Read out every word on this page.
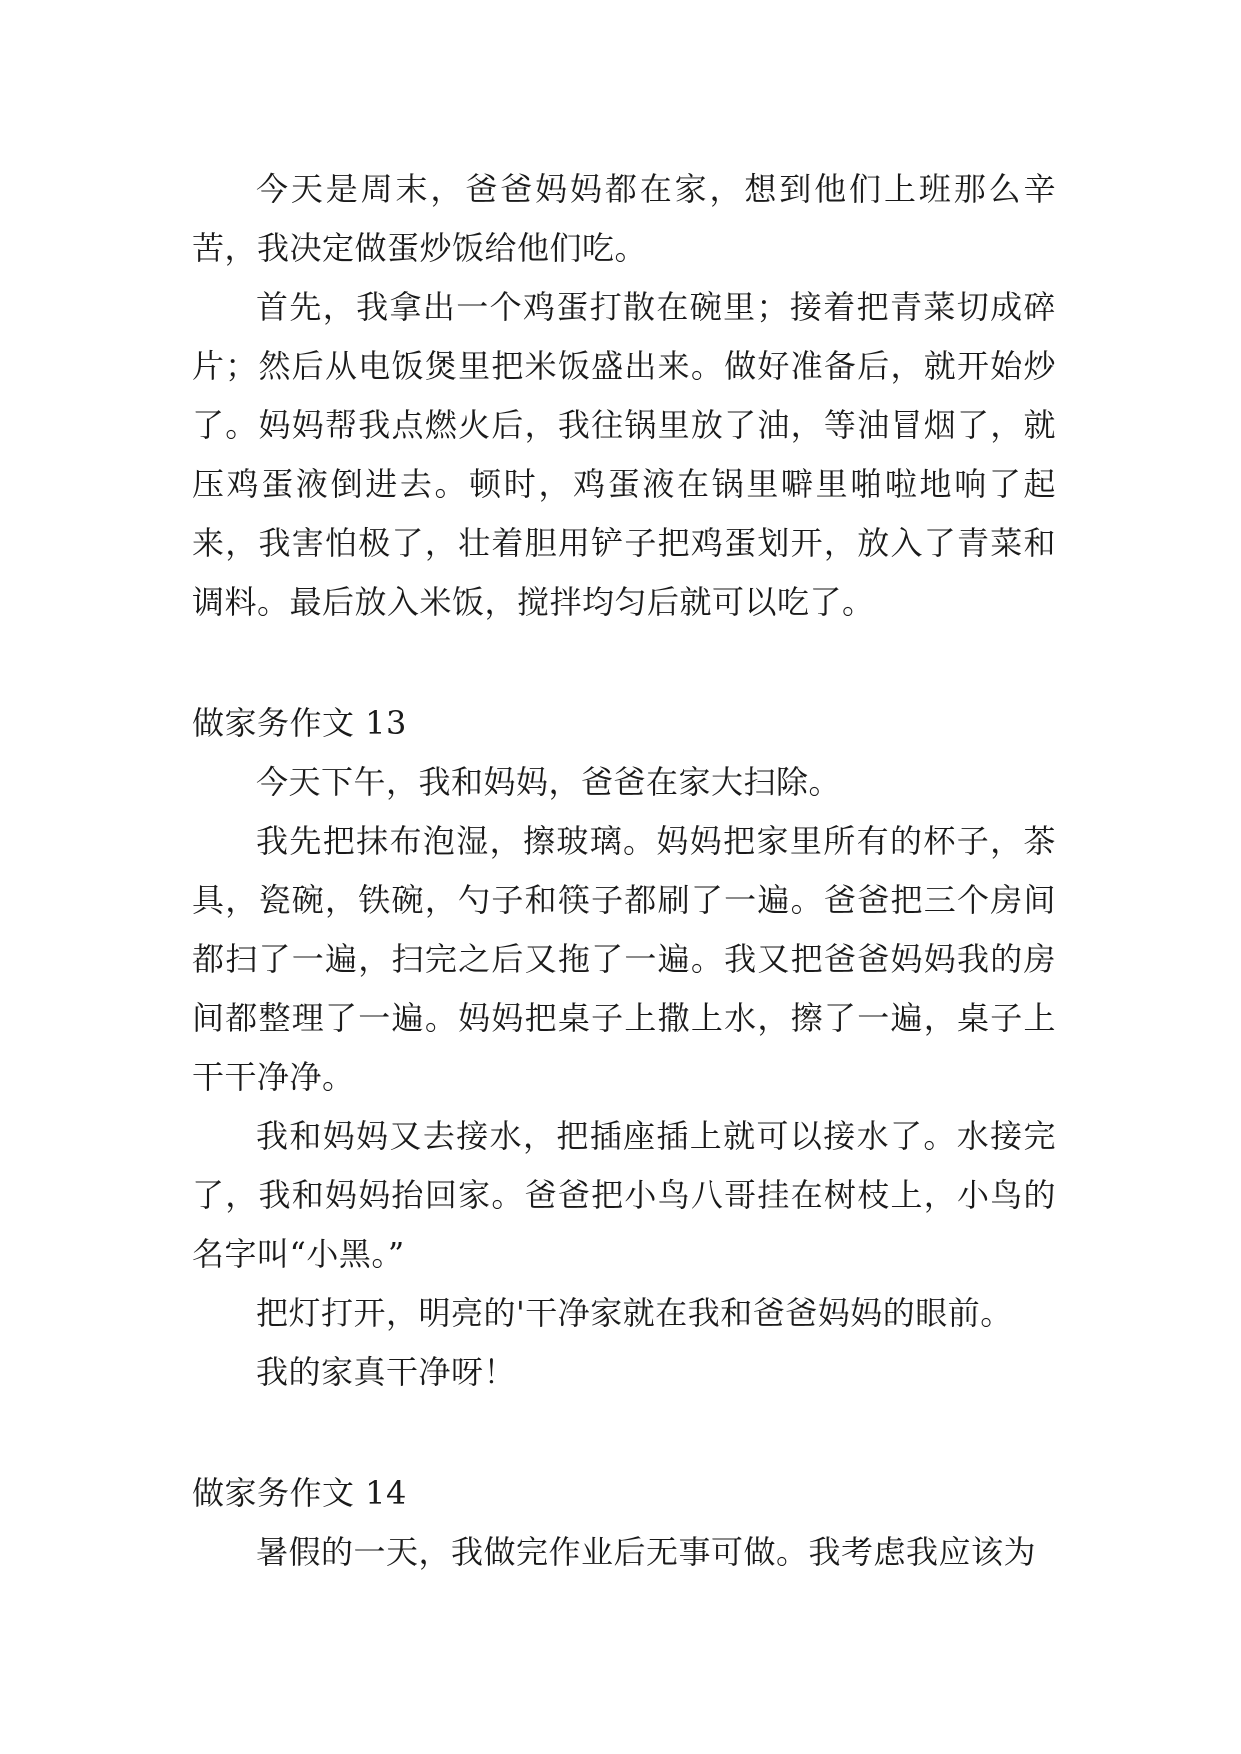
今天是周末，爸爸妈妈都在家，想到他们上班那么辛苦，我决定做蛋炒饭给他们吃。

首先，我拿出一个鸡蛋打散在碗里；接着把青菜切成碎片；然后从电饭煲里把米饭盛出来。做好准备后，就开始炒了。妈妈帮我点燃火后，我往锅里放了油，等油冒烟了，就压鸡蛋液倒进去。顿时，鸡蛋液在锅里噼里啪啦地响了起来，我害怕极了，壮着胆用铲子把鸡蛋划开，放入了青菜和调料。最后放入米饭，搅拌均匀后就可以吃了。

做家务作文 13

今天下午，我和妈妈，爸爸在家大扫除。

我先把抹布泡湿，擦玻璃。妈妈把家里所有的杯子，茶具，瓷碗，铁碗，勺子和筷子都刷了一遍。爸爸把三个房间都扫了一遍，扫完之后又拖了一遍。我又把爸爸妈妈我的房间都整理了一遍。妈妈把桌子上撒上水，擦了一遍，桌子上干干净净。

我和妈妈又去接水，把插座插上就可以接水了。水接完了，我和妈妈抬回家。爸爸把小鸟八哥挂在树枝上，小鸟的名字叫“小黑。”

把灯打开，明亮的'干净家就在我和爸爸妈妈的眼前。

我的家真干净呀！

做家务作文 14

暑假的一天，我做完作业后无事可做。我考虑我应该为
